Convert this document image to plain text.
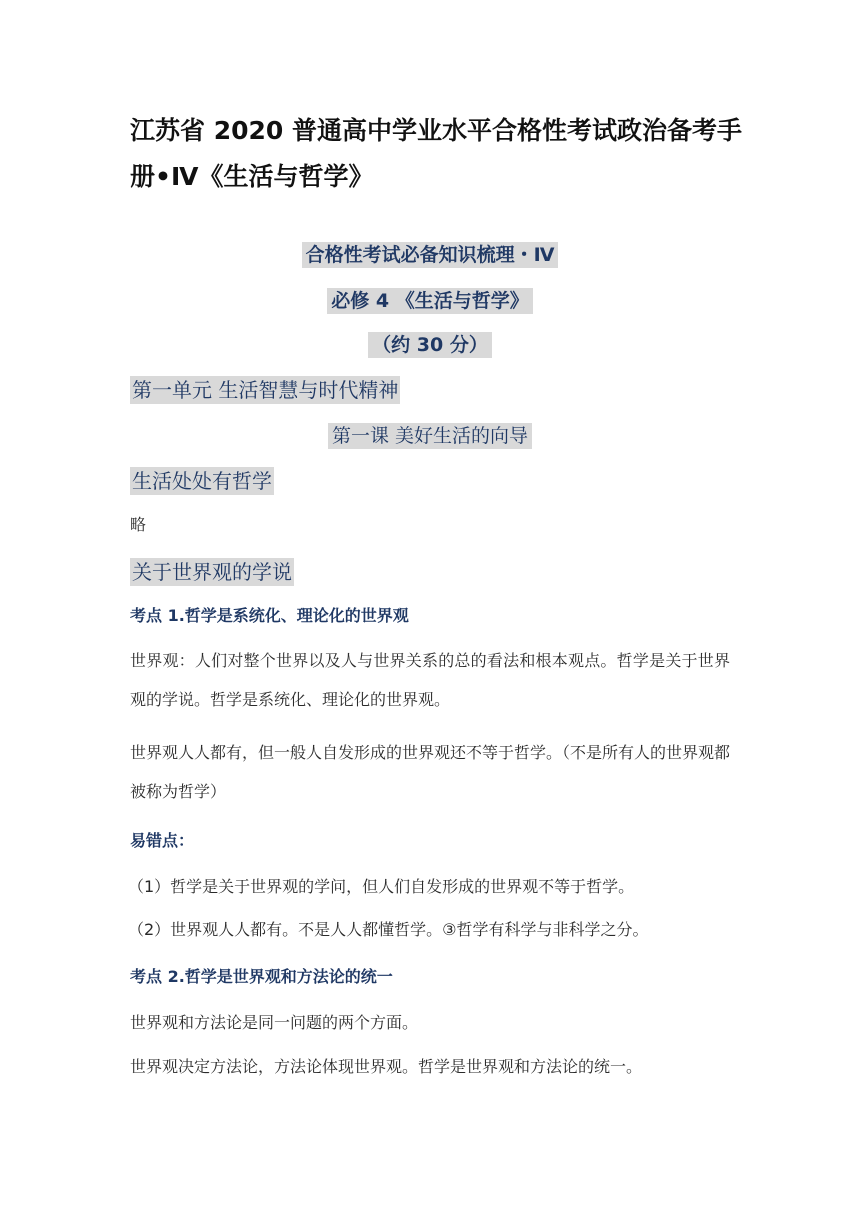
江苏省 2020 普通高中学业水平合格性考试政治备考手册•Ⅳ《生活与哲学》

合格性考试必备知识梳理・Ⅳ

必修 4 《生活与哲学》

（约 30 分）

第一单元 生活智慧与时代精神

第一课 美好生活的向导

生活处处有哲学

略

关于世界观的学说

考点 1.哲学是系统化、理论化的世界观

世界观：人们对整个世界以及人与世界关系的总的看法和根本观点。哲学是关于世界观的学说。哲学是系统化、理论化的世界观。

世界观人人都有，但一般人自发形成的世界观还不等于哲学。（不是所有人的世界观都被称为哲学）

易错点：

（1）哲学是关于世界观的学问，但人们自发形成的世界观不等于哲学。

（2）世界观人人都有。不是人人都懂哲学。③哲学有科学与非科学之分。

考点 2.哲学是世界观和方法论的统一

世界观和方法论是同一问题的两个方面。

世界观决定方法论，方法论体现世界观。哲学是世界观和方法论的统一。
